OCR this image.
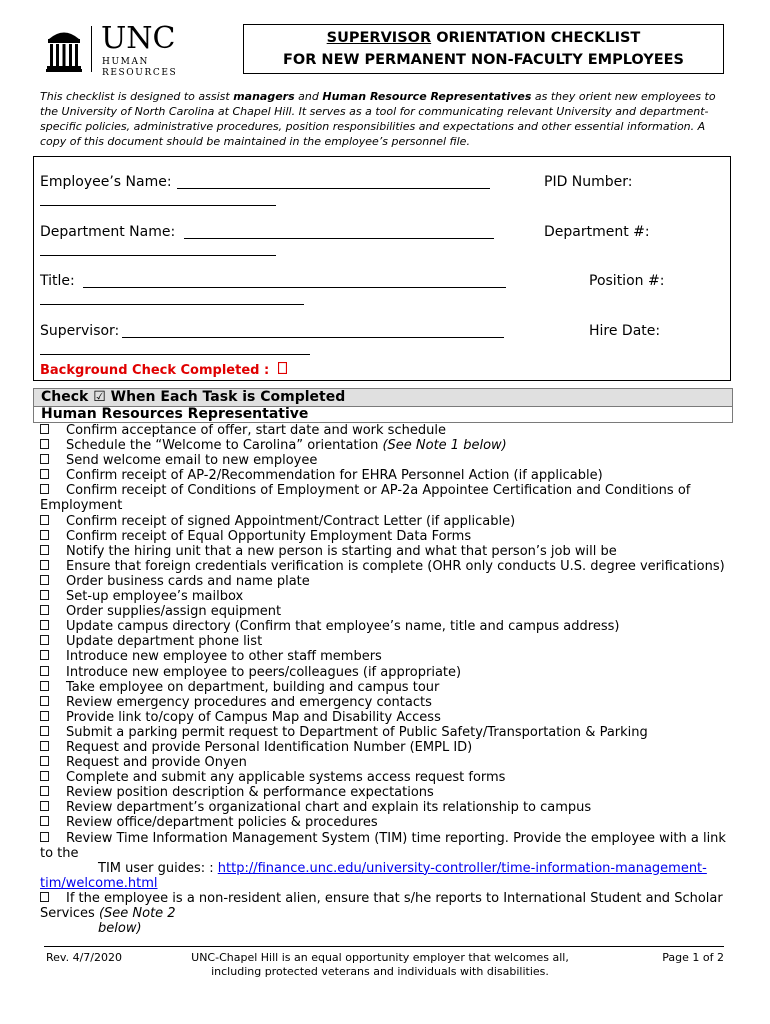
UNC
HUMAN RESOURCES
SUPERVISOR ORIENTATION CHECKLIST
FOR NEW PERMANENT NON-FACULTY EMPLOYEES
This checklist is designed to assist managers and Human Resource Representatives as they orient new employees to the University of North Carolina at Chapel Hill. It serves as a tool for communicating relevant University and department-specific policies, administrative procedures, position responsibilities and expectations and other essential information. A copy of this document should be maintained in the employee’s personnel file.
Employee’s Name:	PID Number:
Department Name:	Department #:
Title:	Position #:
Supervisor:	Hire Date:
Background Check Completed :
Check ☑ When Each Task is Completed
Human Resources Representative
Confirm acceptance of offer, start date and work schedule
Schedule the “Welcome to Carolina” orientation (See Note 1 below)
Send welcome email to new employee
Confirm receipt of AP-2/Recommendation for EHRA Personnel Action (if applicable)
Confirm receipt of Conditions of Employment or AP-2a Appointee Certification and Conditions of Employment
Confirm receipt of signed Appointment/Contract Letter (if applicable)
Confirm receipt of Equal Opportunity Employment Data Forms
Notify the hiring unit that a new person is starting and what that person’s job will be
Ensure that foreign credentials verification is complete (OHR only conducts U.S. degree verifications)
Order business cards and name plate
Set-up employee’s mailbox
Order supplies/assign equipment
Update campus directory (Confirm that employee’s name, title and campus address)
Update department phone list
Introduce new employee to other staff members
Introduce new employee to peers/colleagues (if appropriate)
Take employee on department, building and campus tour
Review emergency procedures and emergency contacts
Provide link to/copy of Campus Map and Disability Access
Submit a parking permit request to Department of Public Safety/Transportation & Parking
Request and provide Personal Identification Number (EMPL ID)
Request and provide Onyen
Complete and submit any applicable systems access request forms
Review position description & performance expectations
Review department’s organizational chart and explain its relationship to campus
Review office/department policies & procedures
Review Time Information Management System (TIM) time reporting. Provide the employee with a link to the
TIM user guides: : http://finance.unc.edu/university-controller/time-information-management-
tim/welcome.html
If the employee is a non-resident alien, ensure that s/he reports to International Student and Scholar Services (See Note 2
below)
Rev. 4/7/2020	UNC-Chapel Hill is an equal opportunity employer that welcomes all,
including protected veterans and individuals with disabilities.
Page 1 of 2
